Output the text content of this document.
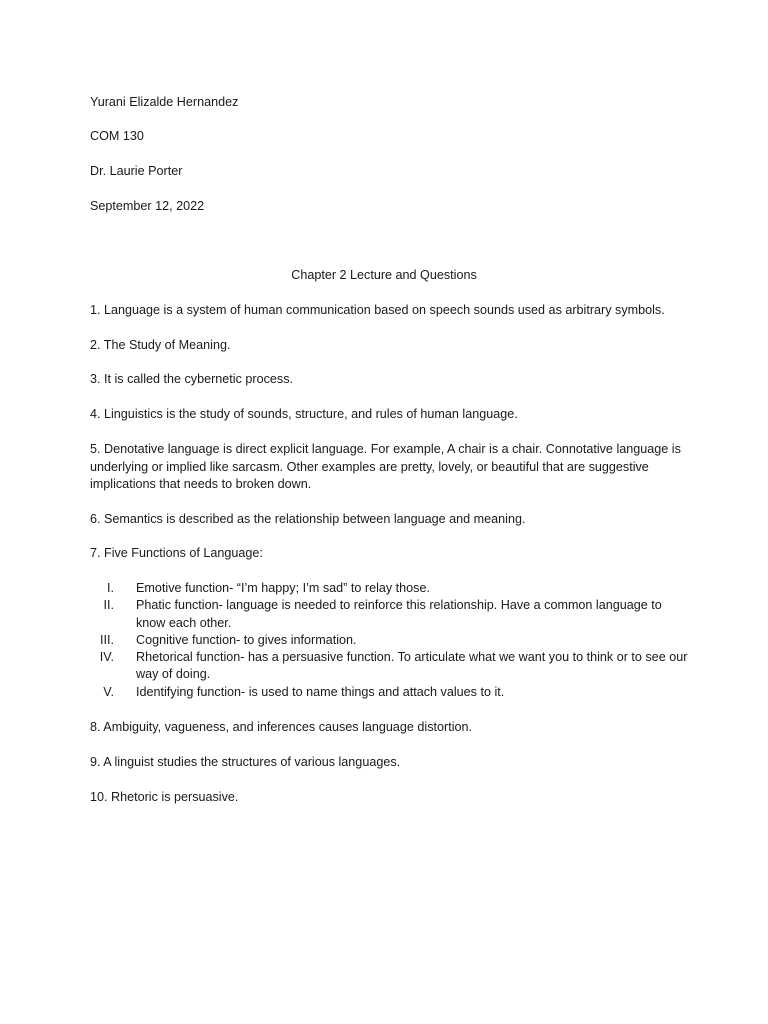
Yurani Elizalde Hernandez
COM 130
Dr. Laurie Porter
September 12, 2022
Chapter 2 Lecture and Questions
1. Language is a system of human communication based on speech sounds used as arbitrary symbols.
2. The Study of Meaning.
3. It is called the cybernetic process.
4. Linguistics is the study of sounds, structure, and rules of human language.
5. Denotative language is direct explicit language. For example, A chair is a chair. Connotative language is underlying or implied like sarcasm. Other examples are pretty, lovely, or beautiful that are suggestive implications that needs to broken down.
6. Semantics is described as the relationship between language and meaning.
7. Five Functions of Language:
I. Emotive function- “I’m happy; I’m sad” to relay those.
II. Phatic function- language is needed to reinforce this relationship. Have a common language to know each other.
III. Cognitive function- to gives information.
IV. Rhetorical function- has a persuasive function. To articulate what we want you to think or to see our way of doing.
V. Identifying function- is used to name things and attach values to it.
8. Ambiguity, vagueness, and inferences causes language distortion.
9. A linguist studies the structures of various languages.
10. Rhetoric is persuasive.
